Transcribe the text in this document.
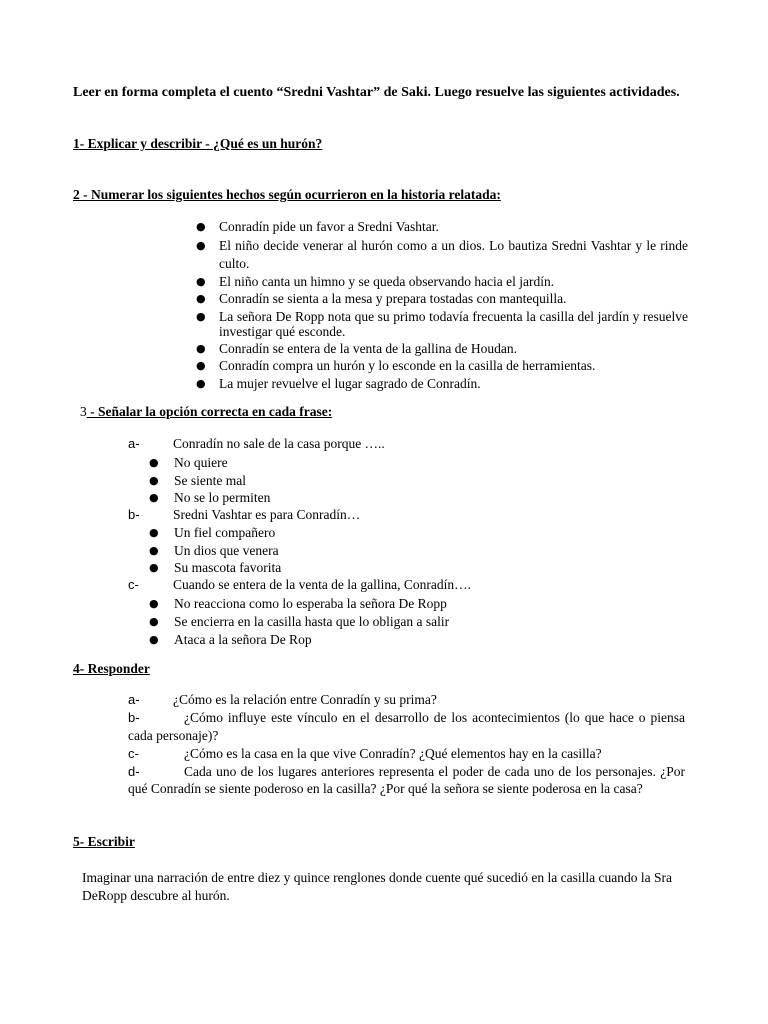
Leer en forma completa el cuento “Sredni Vashtar” de Saki. Luego resuelve las siguientes actividades.
1- Explicar y describir - ¿Qué es un hurón?
2 - Numerar los siguientes hechos según ocurrieron en la historia relatada:
● Conradín pide un favor a Sredni Vashtar.
● El niño decide venerar al hurón como a un dios. Lo bautiza Sredni Vashtar y le rinde culto.
● El niño canta un himno y se queda observando hacia el jardín.
● Conradín se sienta a la mesa y prepara tostadas con mantequilla.
● La señora De Ropp nota que su primo todavía frecuenta la casilla del jardín y resuelve investigar qué esconde.
● Conradín se entera de la venta de la gallina de Houdan.
● Conradín compra un hurón y lo esconde en la casilla de herramientas.
● La mujer revuelve el lugar sagrado de Conradín.
3 - Señalar la opción correcta en cada frase:
a- Conradín no sale de la casa porque …..
● No quiere
● Se siente mal
● No se lo permiten
b- Sredni Vashtar es para Conradín…
● Un fiel compañero
● Un dios que venera
● Su mascota favorita
c-	Cuando se entera de la venta de la gallina, Conradín….
● No reacciona como lo esperaba la señora De Ropp
● Se encierra en la casilla hasta que lo obligan a salir
● Ataca a la señora De Rop
4- Responder
a- ¿Cómo es la relación entre Conradín y su prima?
b-	¿Cómo influye este vínculo en el desarrollo de los acontecimientos (lo que hace o piensa cada personaje)?
c-	¿Cómo es la casa en la que vive Conradín? ¿Qué elementos hay en la casilla?
d-	Cada uno de los lugares anteriores representa el poder de cada uno de los personajes. ¿Por qué Conradín se siente poderoso en la casilla? ¿Por qué la señora se siente poderosa en la casa?
5- Escribir
Imaginar una narración de entre diez y quince renglones donde cuente qué sucedió en la casilla cuando la Sra DeRopp descubre al hurón.
